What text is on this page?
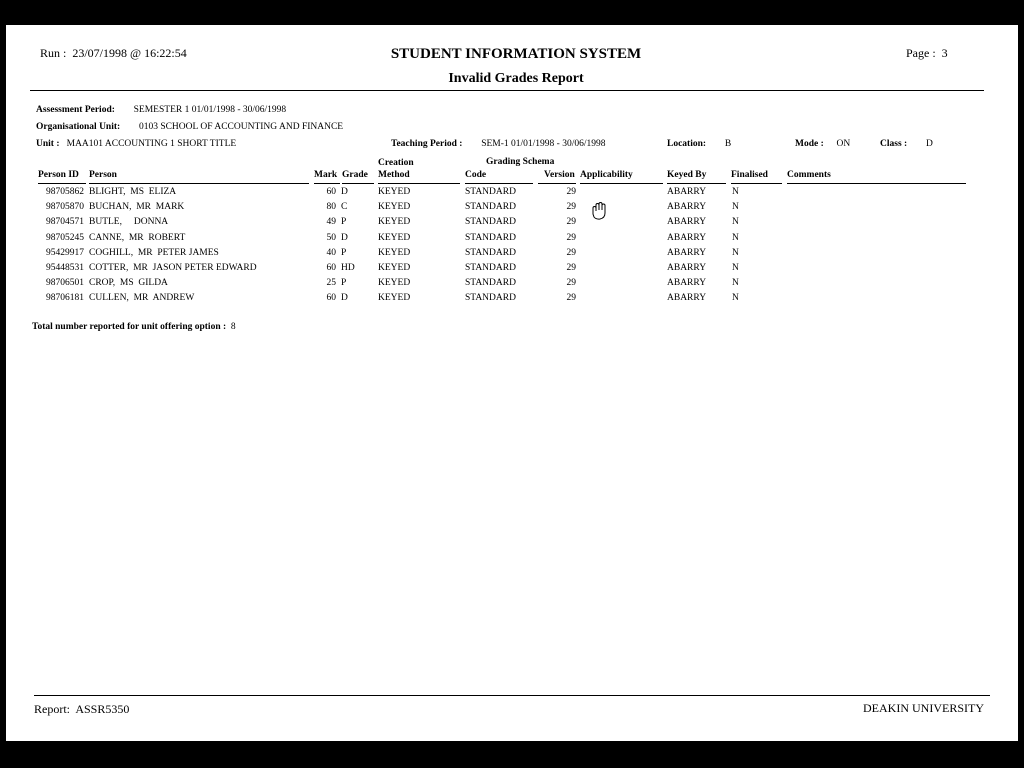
Run : 23/07/1998 @ 16:22:54	STUDENT INFORMATION SYSTEM
Invalid Grades Report
Page : 3
Assessment Period: SEMESTER 1 01/01/1998 - 30/06/1998
Organisational Unit: 0103 SCHOOL OF ACCOUNTING AND FINANCE
Unit : MAA101 ACCOUNTING 1 SHORT TITLE	Teaching Period : SEM-1 01/01/1998 - 30/06/1998	Location: B	Mode : ON	Class : D
Creation	Grading Schema
Person ID Person	Mark Grade Method	Code	Version Applicability	Keyed By	Finalised Comments
98705862 BLIGHT,  MS  ELIZA	60 D	KEYED	STANDARD	29	ABARRY	N
98705870 BUCHAN,  MR  MARK	80 C	KEYED	STANDARD	29	ABARRY	N
98704571 BUTLE,     DONNA	49 P	KEYED	STANDARD	29	ABARRY	N
98705245 CANNE,  MR  ROBERT	50 D	KEYED	STANDARD	29	ABARRY	N
95429917 COGHILL,  MR  PETER JAMES	40 P	KEYED	STANDARD	29	ABARRY	N
95448531 COTTER,  MR  JASON PETER EDWARD	60 HD	KEYED	STANDARD	29	ABARRY	N
98706501 CROP,  MS  GILDA	25 P	KEYED	STANDARD	29	ABARRY	N
98706181 CULLEN,  MR  ANDREW	60 D	KEYED	STANDARD	29	ABARRY	N
Total number reported for unit offering option : 8
Report: ASSR5350	DEAKIN UNIVERSITY
